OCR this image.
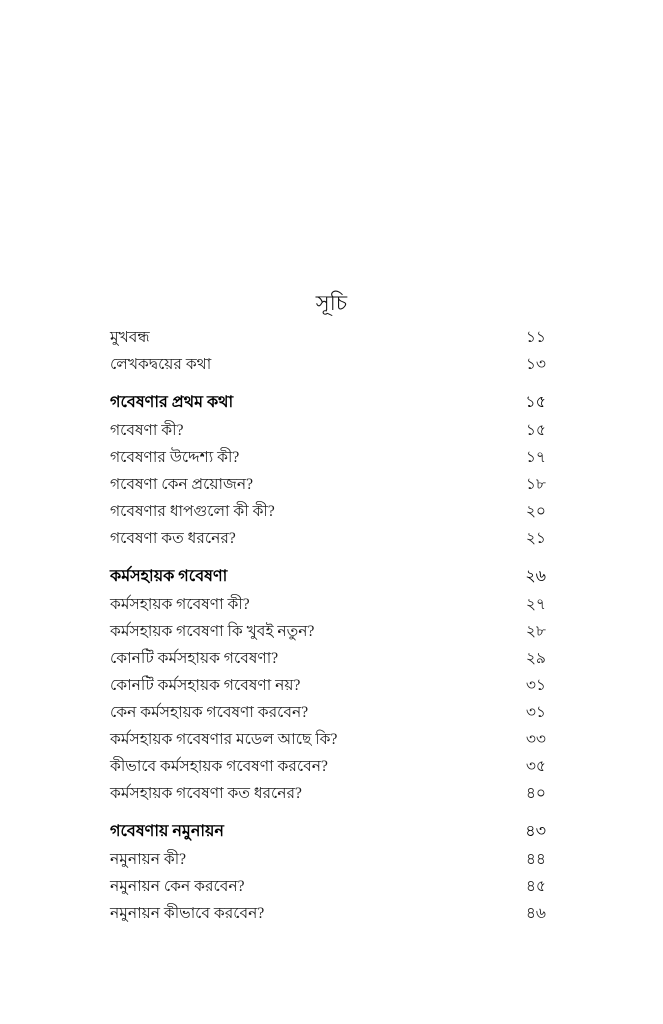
সূচি
মুখবন্ধ	১১
লেখকদ্বয়ের কথা	১৩
গবেষণার প্রথম কথা	১৫
গবেষণা কী?	১৫
গবেষণার উদ্দেশ্য কী?	১৭
গবেষণা কেন প্রয়োজন?	১৮
গবেষণার ধাপগুলো কী কী?	২০
গবেষণা কত ধরনের?	২১
কর্মসহায়ক গবেষণা	২৬
কর্মসহায়ক গবেষণা কী?	২৭
কর্মসহায়ক গবেষণা কি খুবই নতুন?	২৮
কোনটি কর্মসহায়ক গবেষণা?	২৯
কোনটি কর্মসহায়ক গবেষণা নয়?	৩১
কেন কর্মসহায়ক গবেষণা করবেন?	৩১
কর্মসহায়ক গবেষণার মডেল আছে কি?	৩৩
কীভাবে কর্মসহায়ক গবেষণা করবেন?	৩৫
কর্মসহায়ক গবেষণা কত ধরনের?	৪০
গবেষণায় নমুনায়ন	৪৩
নমুনায়ন কী?	৪৪
নমুনায়ন কেন করবেন?	৪৫
নমুনায়ন কীভাবে করবেন?	৪৬
